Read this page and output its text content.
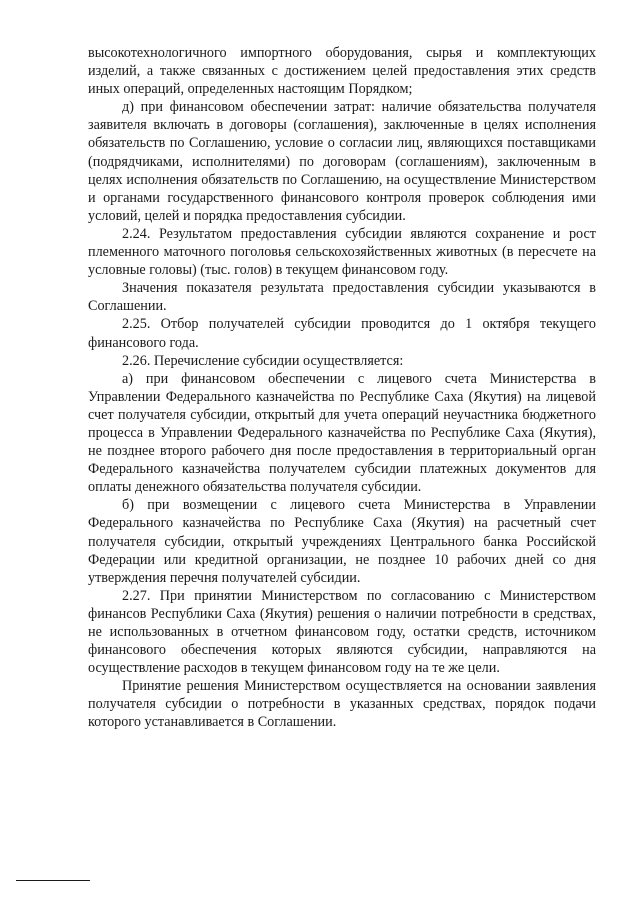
высокотехнологичного импортного оборудования, сырья и комплектующих изделий, а также связанных с достижением целей предоставления этих средств иных операций, определенных настоящим Порядком;

д) при финансовом обеспечении затрат: наличие обязательства получателя заявителя включать в договоры (соглашения), заключенные в целях исполнения обязательств по Соглашению, условие о согласии лиц, являющихся поставщиками (подрядчиками, исполнителями) по договорам (соглашениям), заключенным в целях исполнения обязательств по Соглашению, на осуществление Министерством и органами государственного финансового контроля проверок соблюдения ими условий, целей и порядка предоставления субсидии.

2.24. Результатом предоставления субсидии являются сохранение и рост племенного маточного поголовья сельскохозяйственных животных (в пересчете на условные головы) (тыс. голов) в текущем финансовом году.

Значения показателя результата предоставления субсидии указываются в Соглашении.

2.25. Отбор получателей субсидии проводится до 1 октября текущего финансового года.

2.26. Перечисление субсидии осуществляется:

а) при финансовом обеспечении с лицевого счета Министерства в Управлении Федерального казначейства по Республике Саха (Якутия) на лицевой счет получателя субсидии, открытый для учета операций неучастника бюджетного процесса в Управлении Федерального казначейства по Республике Саха (Якутия), не позднее второго рабочего дня после предоставления в территориальный орган Федерального казначейства получателем субсидии платежных документов для оплаты денежного обязательства получателя субсидии.

б) при возмещении с лицевого счета Министерства в Управлении Федерального казначейства по Республике Саха (Якутия) на расчетный счет получателя субсидии, открытый учреждениях Центрального банка Российской Федерации или кредитной организации, не позднее 10 рабочих дней со дня утверждения перечня получателей субсидии.

2.27. При принятии Министерством по согласованию с Министерством финансов Республики Саха (Якутия) решения о наличии потребности в средствах, не использованных в отчетном финансовом году, остатки средств, источником финансового обеспечения которых являются субсидии, направляются на осуществление расходов в текущем финансовом году на те же цели.

Принятие решения Министерством осуществляется на основании заявления получателя субсидии о потребности в указанных средствах, порядок подачи которого устанавливается в Соглашении.
